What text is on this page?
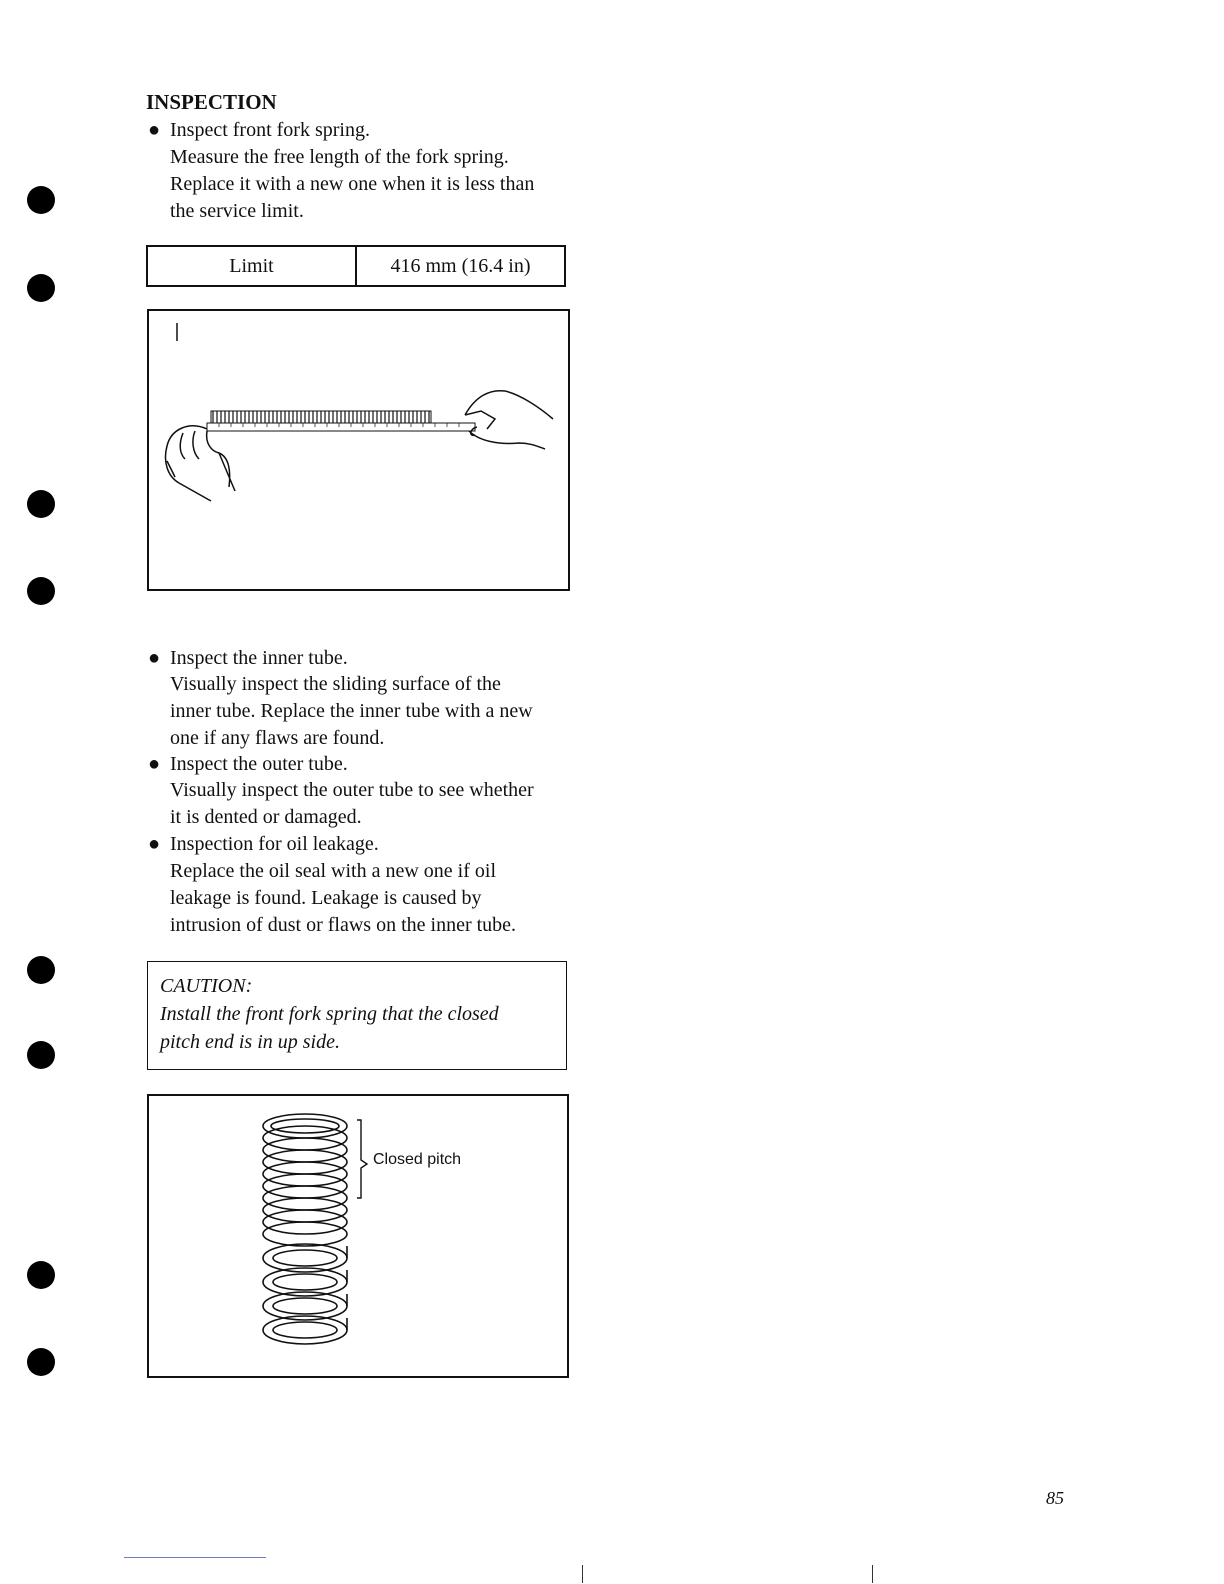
INSPECTION
● Inspect front fork spring.
Measure the free length of the fork spring.
Replace it with a new one when it is less than
the service limit.
Limit	416 mm (16.4 in)
● Inspect the inner tube.
Visually inspect the sliding surface of the
inner tube. Replace the inner tube with a new
one if any flaws are found.
● Inspect the outer tube.
Visually inspect the outer tube to see whether
it is dented or damaged.
● Inspection for oil leakage.
Replace the oil seal with a new one if oil
leakage is found. Leakage is caused by
intrusion of dust or flaws on the inner tube.
CAUTION:
Install the front fork spring that the closed
pitch end is in up side.
Closed pitch
85
